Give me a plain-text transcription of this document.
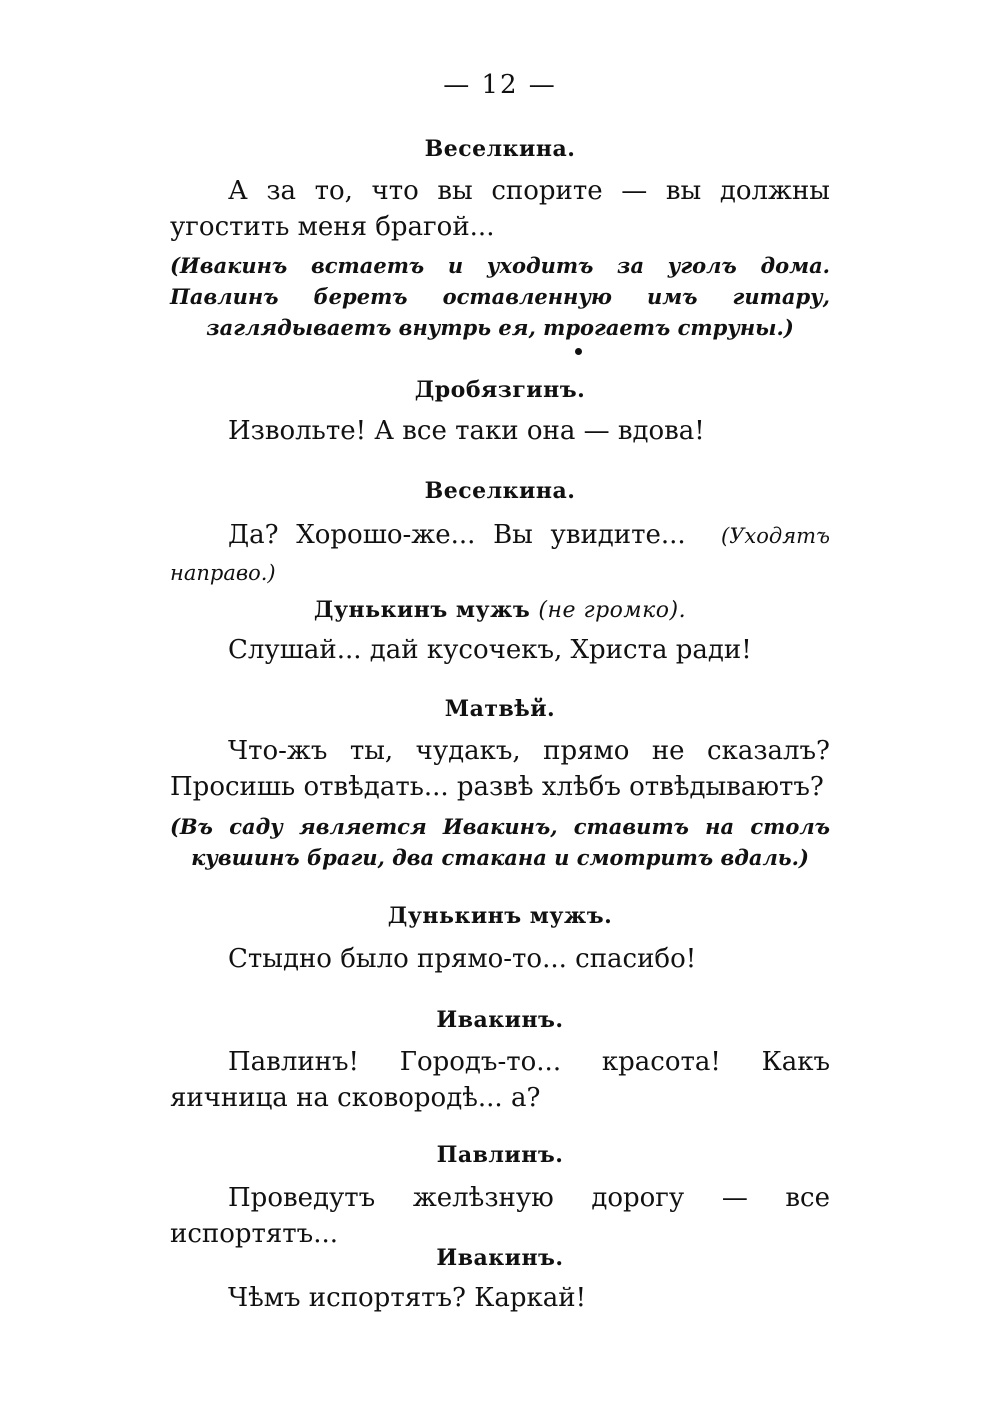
— 12 —
Веселкина.
А за то, что вы спорите — вы должны угостить меня брагой...
(Ивакинъ встаетъ и уходитъ за уголъ дома. Павлинъ беретъ оставленную имъ гитару, заглядываетъ внутрь ея, трогаетъ струны.)
Дробязгинъ.
Извольте! А все таки она — вдова!
Веселкина.
Да? Хорошо-же... Вы увидите... (Уходятъ направо.)
Дунькинъ мужъ (не громко).
Слушай... дай кусочекъ, Христа ради!
Матвѣй.
Что-жъ ты, чудакъ, прямо не сказалъ? Просишь отвѣдать... развѣ хлѣбъ отвѣдываютъ?
(Въ саду являетcя Ивакинъ, ставитъ на столъ кувшинъ браги, два стакана и смотритъ вдаль.)
Дунькинъ мужъ.
Стыдно было прямо-то... спасибо!
Ивакинъ.
Павлинъ! Городъ-то... красота! Какъ яичница на сковородѣ... а?
Павлинъ.
Проведутъ желѣзную дорогу — все испортятъ...
Ивакинъ.
Чѣмъ испортятъ? Каркай!
